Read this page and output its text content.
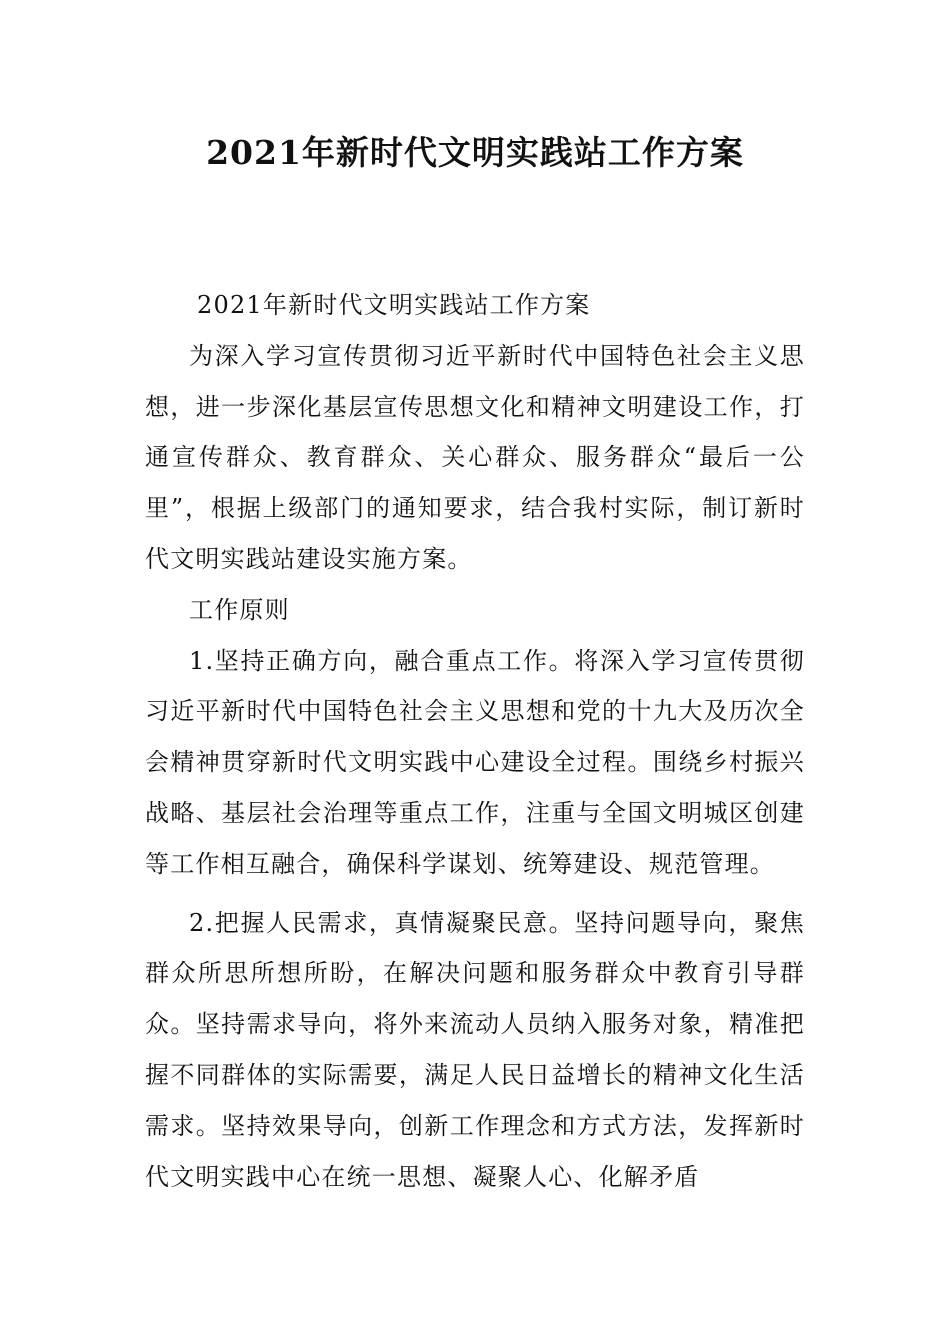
2021年新时代文明实践站工作方案

2021年新时代文明实践站工作方案

为深入学习宣传贯彻习近平新时代中国特色社会主义思想，进一步深化基层宣传思想文化和精神文明建设工作，打通宣传群众、教育群众、关心群众、服务群众“最后一公里”，根据上级部门的通知要求，结合我村实际，制订新时代文明实践站建设实施方案。

工作原则

1.坚持正确方向，融合重点工作。将深入学习宣传贯彻习近平新时代中国特色社会主义思想和党的十九大及历次全会精神贯穿新时代文明实践中心建设全过程。围绕乡村振兴战略、基层社会治理等重点工作，注重与全国文明城区创建等工作相互融合，确保科学谋划、统筹建设、规范管理。

2.把握人民需求，真情凝聚民意。坚持问题导向，聚焦群众所思所想所盼，在解决问题和服务群众中教育引导群众。坚持需求导向，将外来流动人员纳入服务对象，精准把握不同群体的实际需要，满足人民日益增长的精神文化生活需求。坚持效果导向，创新工作理念和方式方法，发挥新时代文明实践中心在统一思想、凝聚人心、化解矛盾
